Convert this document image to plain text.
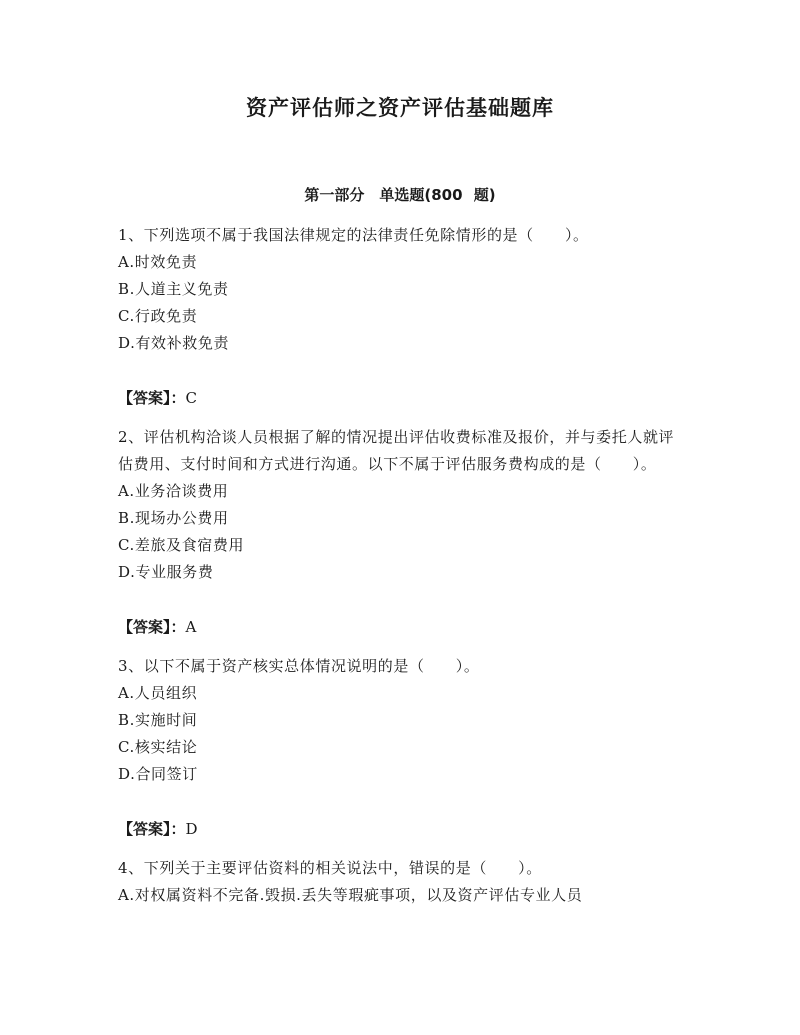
资产评估师之资产评估基础题库
第一部分　单选题(800 题)
1、下列选项不属于我国法律规定的法律责任免除情形的是（　　）。
A.时效免责
B.人道主义免责
C.行政免责
D.有效补救免责
【答案】：C
2、评估机构洽谈人员根据了解的情况提出评估收费标准及报价，并与委托人就评估费用、支付时间和方式进行沟通。以下不属于评估服务费构成的是（　　）。
A.业务洽谈费用
B.现场办公费用
C.差旅及食宿费用
D.专业服务费
【答案】：A
3、以下不属于资产核实总体情况说明的是（　　）。
A.人员组织
B.实施时间
C.核实结论
D.合同签订
【答案】：D
4、下列关于主要评估资料的相关说法中，错误的是（　　）。
A.对权属资料不完备.毁损.丢失等瑕疵事项，以及资产评估专业人员
